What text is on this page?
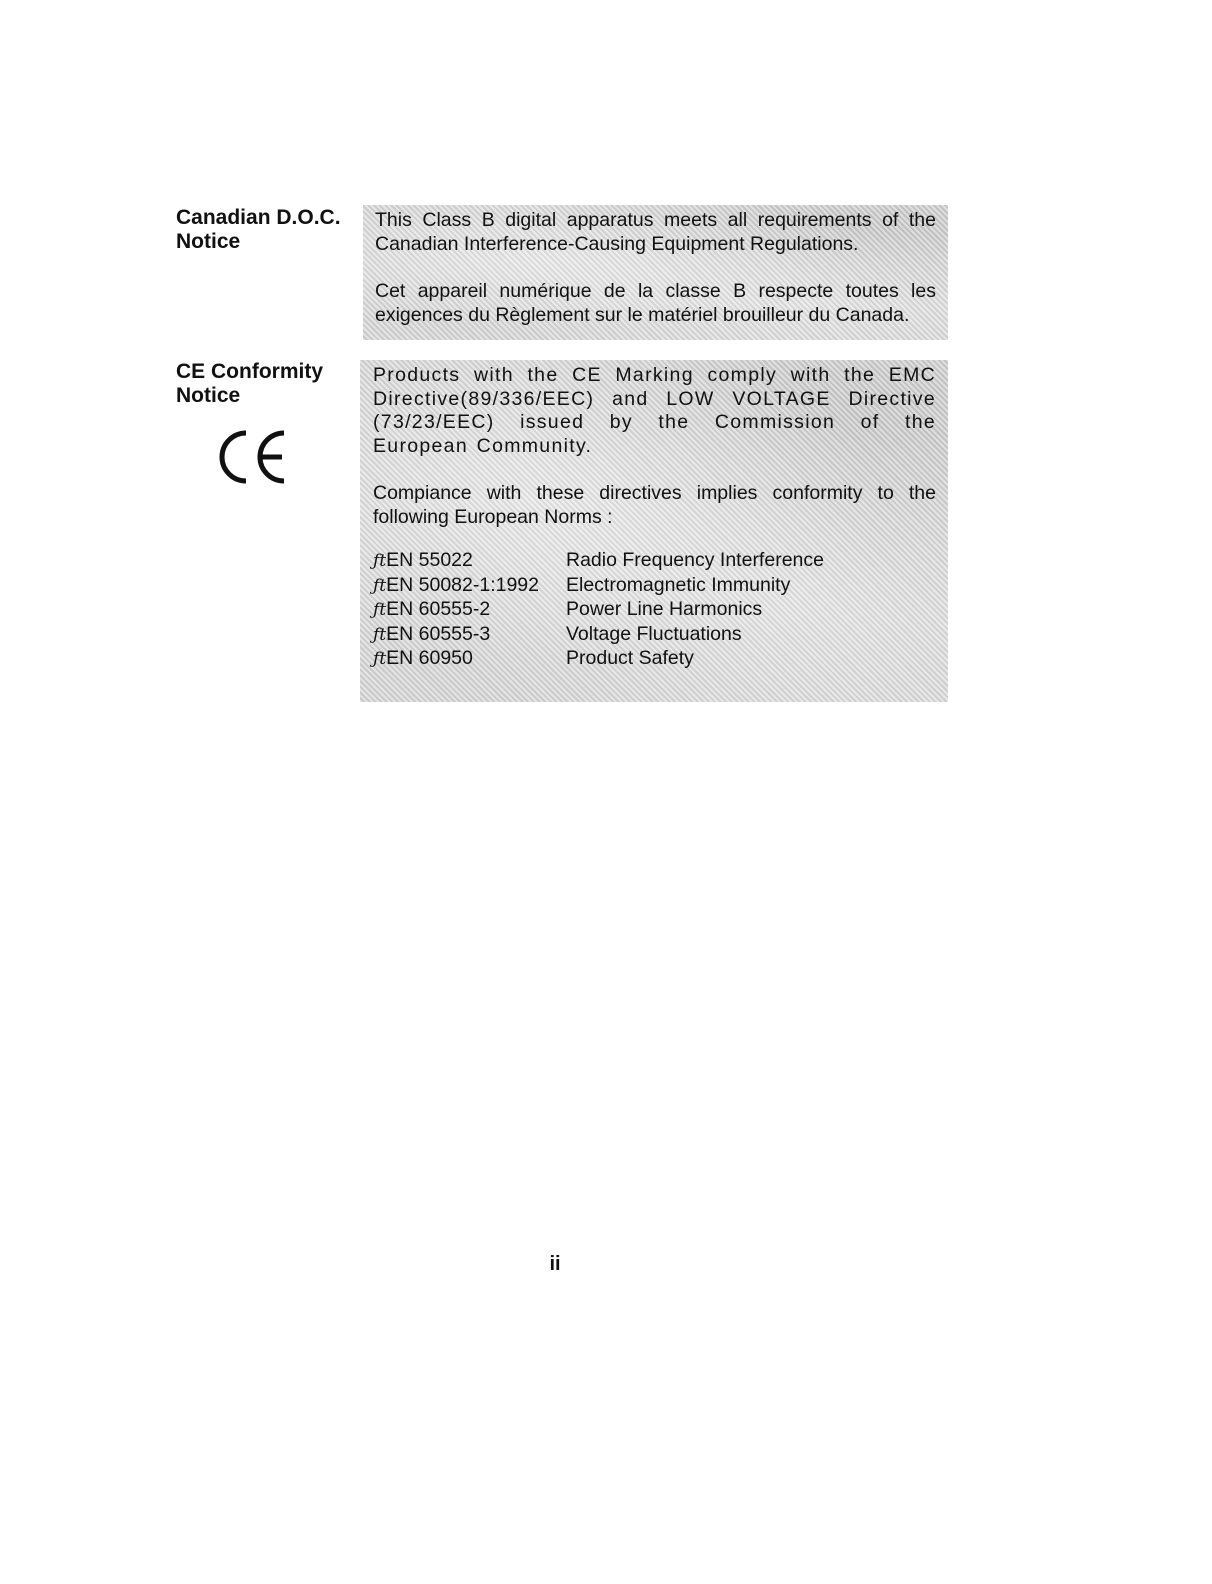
Canadian D.O.C.
Notice

This Class B digital apparatus meets all requirements of the Canadian Interference-Causing Equipment Regulations.

Cet appareil numérique de la classe B respecte toutes les exigences du Règlement sur le matériel brouilleur du Canada.

CE Conformity
Notice

Products with the CE Marking comply with the EMC Directive(89/336/EEC) and LOW VOLTAGE Directive (73/23/EEC) issued by the Commission of the European Community.

Compiance with these directives implies conformity to the following European Norms :

ƒtEN 55022	Radio Frequency Interference
ƒtEN 50082-1:1992	Electromagnetic Immunity
ƒtEN 60555-2	Power Line Harmonics
ƒtEN 60555-3	Voltage Fluctuations
ƒtEN 60950	Product Safety
ii
